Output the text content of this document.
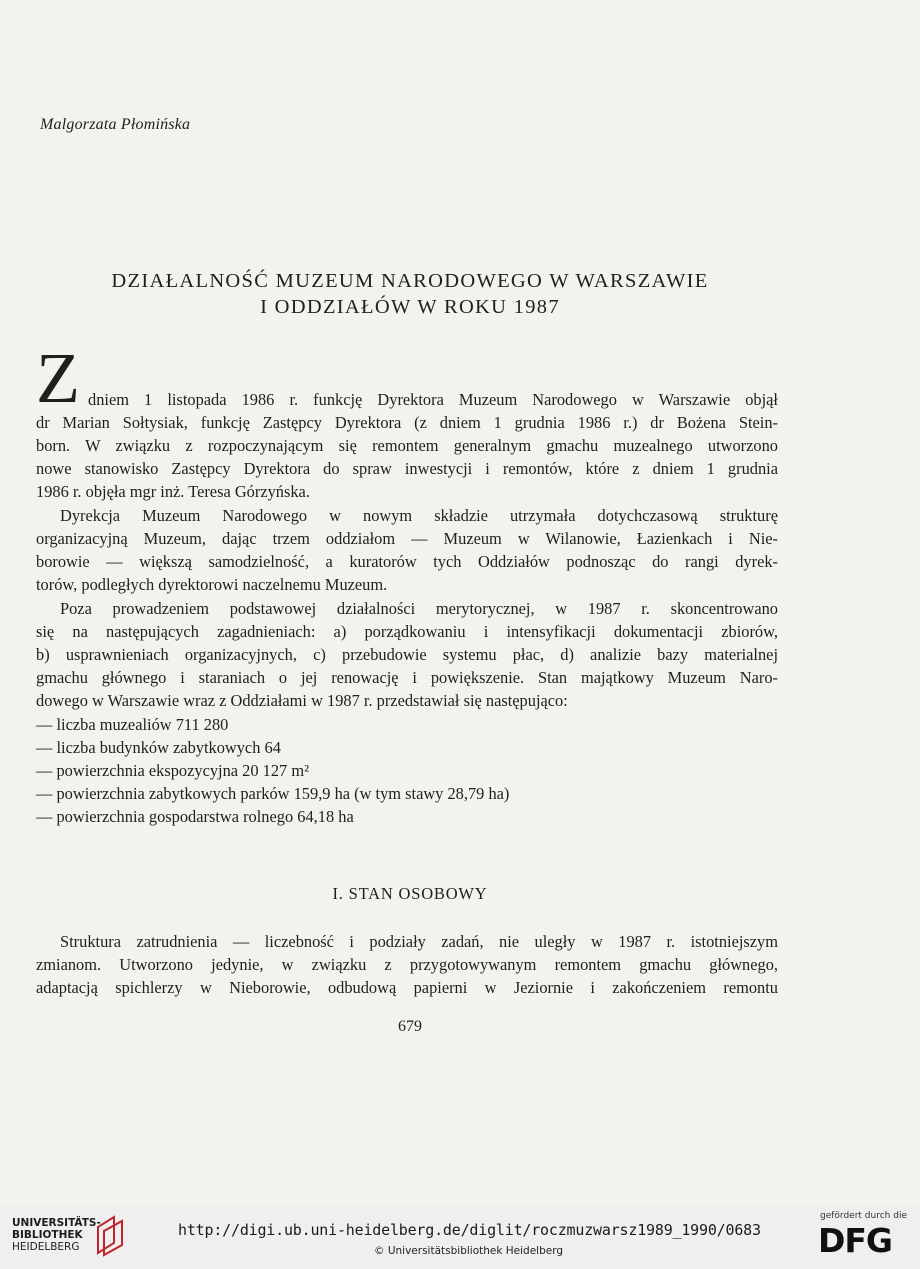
Malgorzata Płomińska
DZIAŁALNOŚĆ MUZEUM NARODOWEGO W WARSZAWIE
I ODDZIAŁÓW W ROKU 1987
Z dniem 1 listopada 1986 r. funkcję Dyrektora Muzeum Narodowego w Warszawie objął
dr Marian Sołtysiak, funkcję Zastępcy Dyrektora (z dniem 1 grudnia 1986 r.) dr Bożena Stein-
born. W związku z rozpoczynającym się remontem generalnym gmachu muzealnego utworzono
nowe stanowisko Zastępcy Dyrektora do spraw inwestycji i remontów, które z dniem 1 grudnia
1986 r. objęła mgr inż. Teresa Górzyńska.
Dyrekcja Muzeum Narodowego w nowym składzie utrzymała dotychczasową strukturę
organizacyjną Muzeum, dając trzem oddziałom — Muzeum w Wilanowie, Łazienkach i Nie-
borowie — większą samodzielność, a kuratorów tych Oddziałów podnosząc do rangi dyrek-
torów, podległych dyrektorowi naczelnemu Muzeum.
Poza prowadzeniem podstawowej działalności merytorycznej, w 1987 r. skoncentrowano
się na następujących zagadnieniach: a) porządkowaniu i intensyfikacji dokumentacji zbiorów,
b) usprawnieniach organizacyjnych, c) przebudowie systemu płac, d) analizie bazy materialnej
gmachu głównego i staraniach o jej renowację i powiększenie. Stan majątkowy Muzeum Naro-
dowego w Warszawie wraz z Oddziałami w 1987 r. przedstawiał się następująco:
— liczba muzealiów 711 280
— liczba budynków zabytkowych 64
— powierzchnia ekspozycyjna 20 127 m²
— powierzchnia zabytkowych parków 159,9 ha (w tym stawy 28,79 ha)
— powierzchnia gospodarstwa rolnego 64,18 ha
I. STAN OSOBOWY
Struktura zatrudnienia — liczebność i podziały zadań, nie uległy w 1987 r. istotniejszym
zmianom. Utworzono jedynie, w związku z przygotowywanym remontem gmachu głównego,
adaptacją spichlerzy w Nieborowie, odbudową papierni w Jeziornie i zakończeniem remontu
679
UNIVERSITÄTS-
BIBLIOTHEK
HEIDELBERG
http://digi.ub.uni-heidelberg.de/diglit/roczmuzwarsz1989_1990/0683
© Universitätsbibliothek Heidelberg
gefördert durch die
DFG
